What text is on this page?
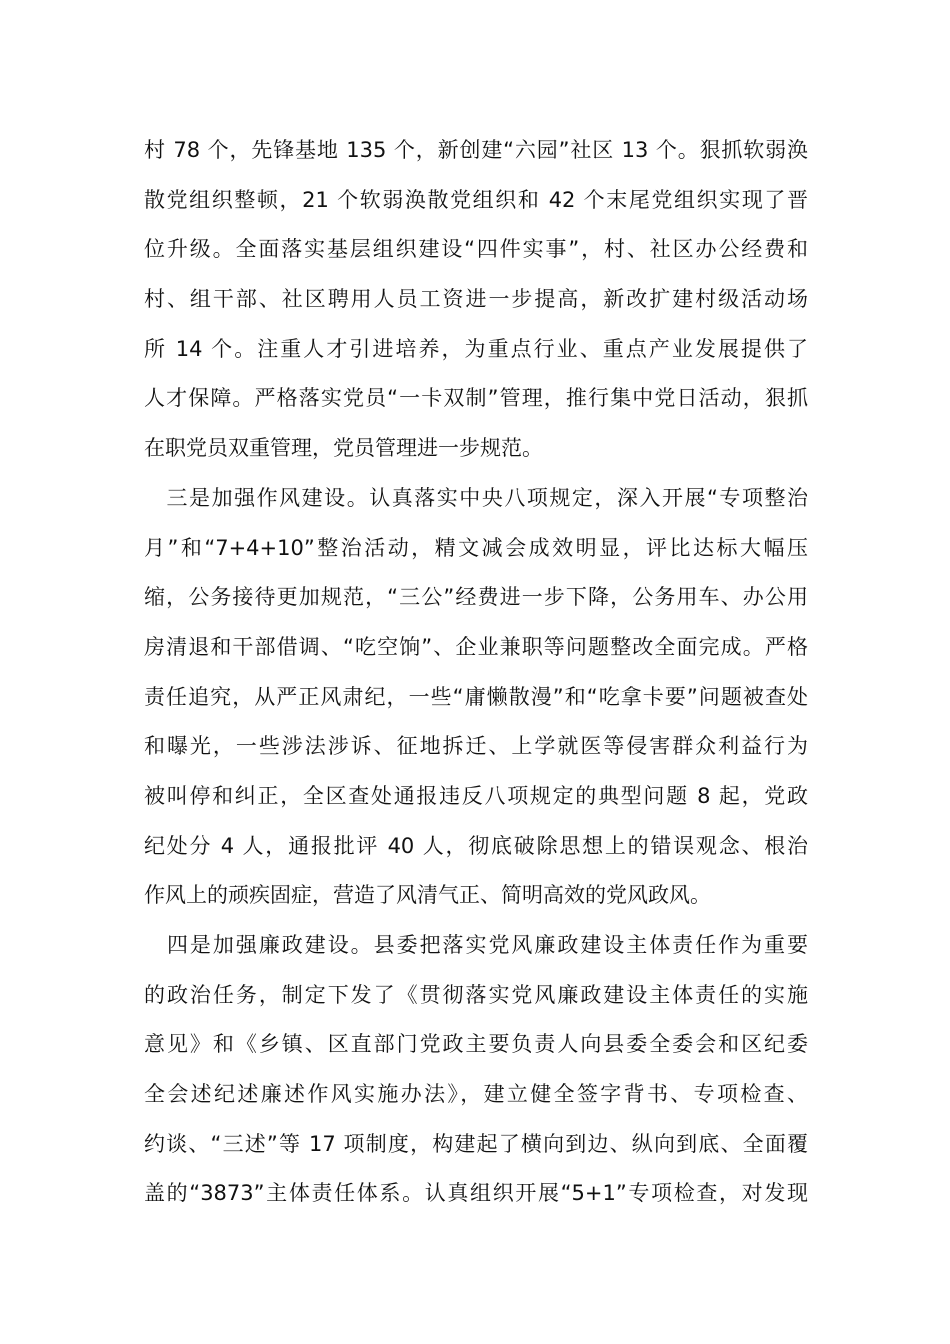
村 78 个，先锋基地 135 个，新创建“六园”社区 13 个。狠抓软弱涣
散党组织整顿，21 个软弱涣散党组织和 42 个末尾党组织实现了晋
位升级。全面落实基层组织建设“四件实事”，村、社区办公经费和
村、组干部、社区聘用人员工资进一步提高，新改扩建村级活动场
所 14 个。注重人才引进培养，为重点行业、重点产业发展提供了
人才保障。严格落实党员“一卡双制”管理，推行集中党日活动，狠抓
在职党员双重管理，党员管理进一步规范。
　三是加强作风建设。认真落实中央八项规定，深入开展“专项整治
月”和“7+4+10”整治活动，精文减会成效明显，评比达标大幅压
缩，公务接待更加规范，“三公”经费进一步下降，公务用车、办公用
房清退和干部借调、“吃空饷”、企业兼职等问题整改全面完成。严格
责任追究，从严正风肃纪，一些“庸懒散漫”和“吃拿卡要”问题被查处
和曝光，一些涉法涉诉、征地拆迁、上学就医等侵害群众利益行为
被叫停和纠正，全区查处通报违反八项规定的典型问题 8 起，党政
纪处分 4 人，通报批评 40 人，彻底破除思想上的错误观念、根治
作风上的顽疾固症，营造了风清气正、简明高效的党风政风。
　四是加强廉政建设。县委把落实党风廉政建设主体责任作为重要
的政治任务，制定下发了《贯彻落实党风廉政建设主体责任的实施
意见》和《乡镇、区直部门党政主要负责人向县委全委会和区纪委
全会述纪述廉述作风实施办法》，建立健全签字背书、专项检查、
约谈、“三述”等 17 项制度，构建起了横向到边、纵向到底、全面覆
盖的“3873”主体责任体系。认真组织开展“5+1”专项检查，对发现
